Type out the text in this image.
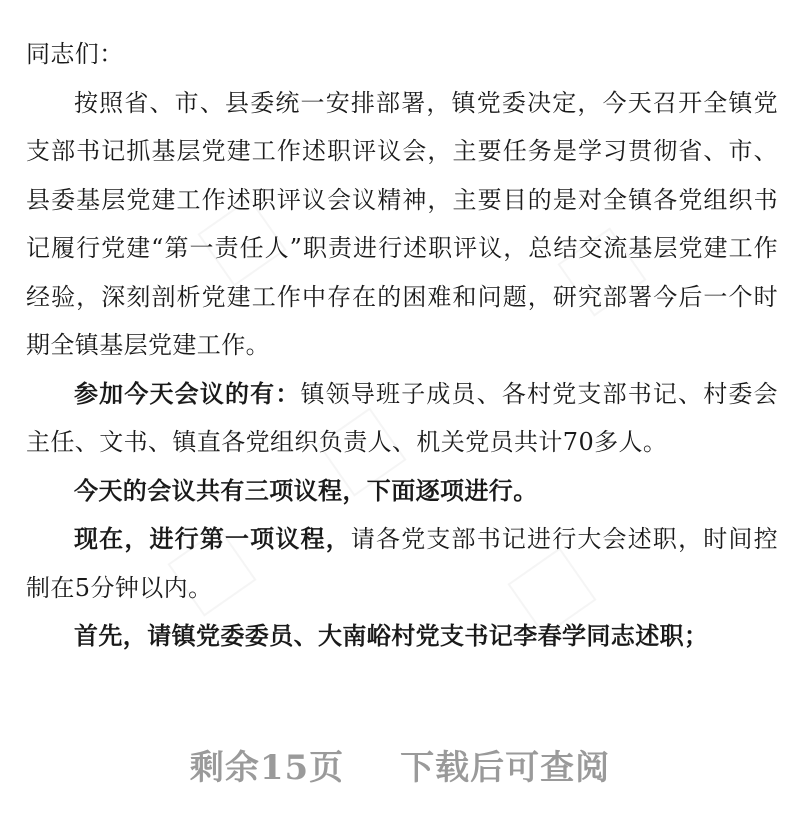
同志们：

按照省、市、县委统一安排部署，镇党委决定，今天召开全镇党支部书记抓基层党建工作述职评议会，主要任务是学习贯彻省、市、县委基层党建工作述职评议会议精神，主要目的是对全镇各党组织书记履行党建“第一责任人”职责进行述职评议，总结交流基层党建工作经验，深刻剖析党建工作中存在的困难和问题，研究部署今后一个时期全镇基层党建工作。

参加今天会议的有：镇领导班子成员、各村党支部书记、村委会主任、文书、镇直各党组织负责人、机关党员共计70多人。

今天的会议共有三项议程，下面逐项进行。

现在，进行第一项议程，请各党支部书记进行大会述职，时间控制在5分钟以内。

首先，请镇党委委员、大南峪村党支书记李春学同志述职；

剩余15页 下载后可查阅
